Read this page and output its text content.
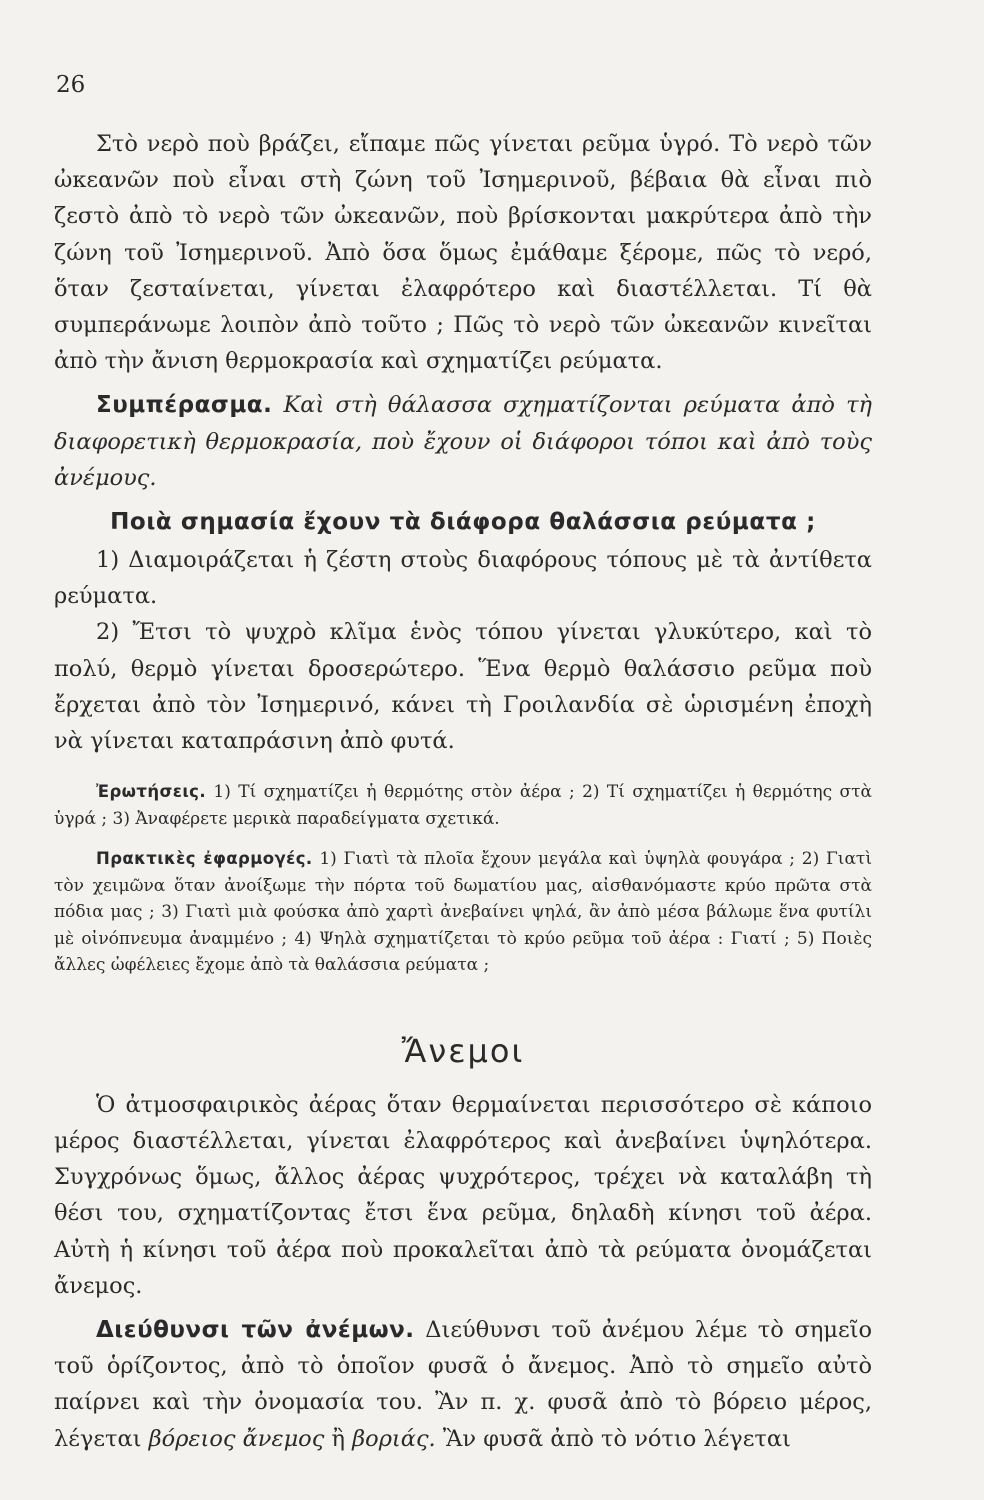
26

Στὸ νερὸ ποὺ βράζει, εἴπαμε πῶς γίνεται ρεῦμα ὑγρό. Τὸ νερὸ τῶν ὠκεανῶν ποὺ εἶναι στὴ ζώνη τοῦ Ἰσημερινοῦ, βέβαια θὰ εἶναι πιὸ ζεστὸ ἀπὸ τὸ νερὸ τῶν ὠκεανῶν, ποὺ βρίσκονται μακρύτερα ἀπὸ τὴν ζώνη τοῦ Ἰσημερινοῦ. Ἀπὸ ὅσα ὅμως ἐμάθαμε ξέρομε, πῶς τὸ νερό, ὅταν ζεσταίνεται, γίνεται ἐλαφρότερο καὶ διαστέλλεται. Τί θὰ συμπεράνωμε λοιπὸν ἀπὸ τοῦτο ; Πῶς τὸ νερὸ τῶν ὠκεανῶν κινεῖται ἀπὸ τὴν ἄνιση θερμοκρασία καὶ σχηματίζει ρεύματα.

Συμπέρασμα. Καὶ στὴ θάλασσα σχηματίζονται ρεύματα ἀπὸ τὴ διαφορετικὴ θερμοκρασία, ποὺ ἔχουν οἱ διάφοροι τόποι καὶ ἀπὸ τοὺς ἀνέμους.

Ποιὰ σημασία ἔχουν τὰ διάφορα θαλάσσια ρεύματα ;

1) Διαμοιράζεται ἡ ζέστη στοὺς διαφόρους τόπους μὲ τὰ ἀντίθετα ρεύματα.

2) Ἔτσι τὸ ψυχρὸ κλῖμα ἑνὸς τόπου γίνεται γλυκύτερο, καὶ τὸ πολύ, θερμὸ γίνεται δροσερώτερο. Ἕνα θερμὸ θαλάσσιο ρεῦμα ποὺ ἔρχεται ἀπὸ τὸν Ἰσημερινό, κάνει τὴ Γροιλανδία σὲ ὡρισμένη ἐποχὴ νὰ γίνεται καταπράσινη ἀπὸ φυτά.

Ἐρωτήσεις. 1) Τί σχηματίζει ἡ θερμότης στὸν ἀέρα ; 2) Τί σχηματίζει ἡ θερμότης στὰ ὑγρά ; 3) Ἀναφέρετε μερικὰ παραδείγματα σχετικά.

Πρακτικὲς ἐφαρμογές. 1) Γιατὶ τὰ πλοῖα ἔχουν μεγάλα καὶ ὑψηλὰ φουγάρα ; 2) Γιατὶ τὸν χειμῶνα ὅταν ἀνοίξωμε τὴν πόρτα τοῦ δωματίου μας, αἰσθανόμαστε κρύο πρῶτα στὰ πόδια μας ; 3) Γιατὶ μιὰ φούσκα ἀπὸ χαρτὶ ἀνεβαίνει ψηλά, ἂν ἀπὸ μέσα βάλωμε ἕνα φυτίλι μὲ οἰνόπνευμα ἀναμμένο ; 4) Ψηλὰ σχηματίζεται τὸ κρύο ρεῦμα τοῦ ἀέρα : Γιατί ; 5) Ποιὲς ἄλλες ὠφέλειες ἔχομε ἀπὸ τὰ θαλάσσια ρεύματα ;

Ἄνεμοι

Ὁ ἀτμοσφαιρικὸς ἀέρας ὅταν θερμαίνεται περισσότερο σὲ κάποιο μέρος διαστέλλεται, γίνεται ἐλαφρότερος καὶ ἀνεβαίνει ὑψηλότερα. Συγχρόνως ὅμως, ἄλλος ἀέρας ψυχρότερος, τρέχει νὰ καταλάβη τὴ θέσι του, σχηματίζοντας ἔτσι ἕνα ρεῦμα, δηλαδὴ κίνησι τοῦ ἀέρα. Αὐτὴ ἡ κίνησι τοῦ ἀέρα ποὺ προκαλεῖται ἀπὸ τὰ ρεύματα ὀνομάζεται ἄνεμος.

Διεύθυνσι τῶν ἀνέμων. Διεύθυνσι τοῦ ἀνέμου λέμε τὸ σημεῖο τοῦ ὁρίζοντος, ἀπὸ τὸ ὁποῖον φυσᾶ ὁ ἄνεμος. Ἀπὸ τὸ σημεῖο αὐτὸ παίρνει καὶ τὴν ὀνομασία του. Ἂν π. χ. φυσᾶ ἀπὸ τὸ βόρειο μέρος, λέγεται βόρειος ἄνεμος ἢ βοριάς. Ἂν φυσᾶ ἀπὸ τὸ νότιο λέγεται
